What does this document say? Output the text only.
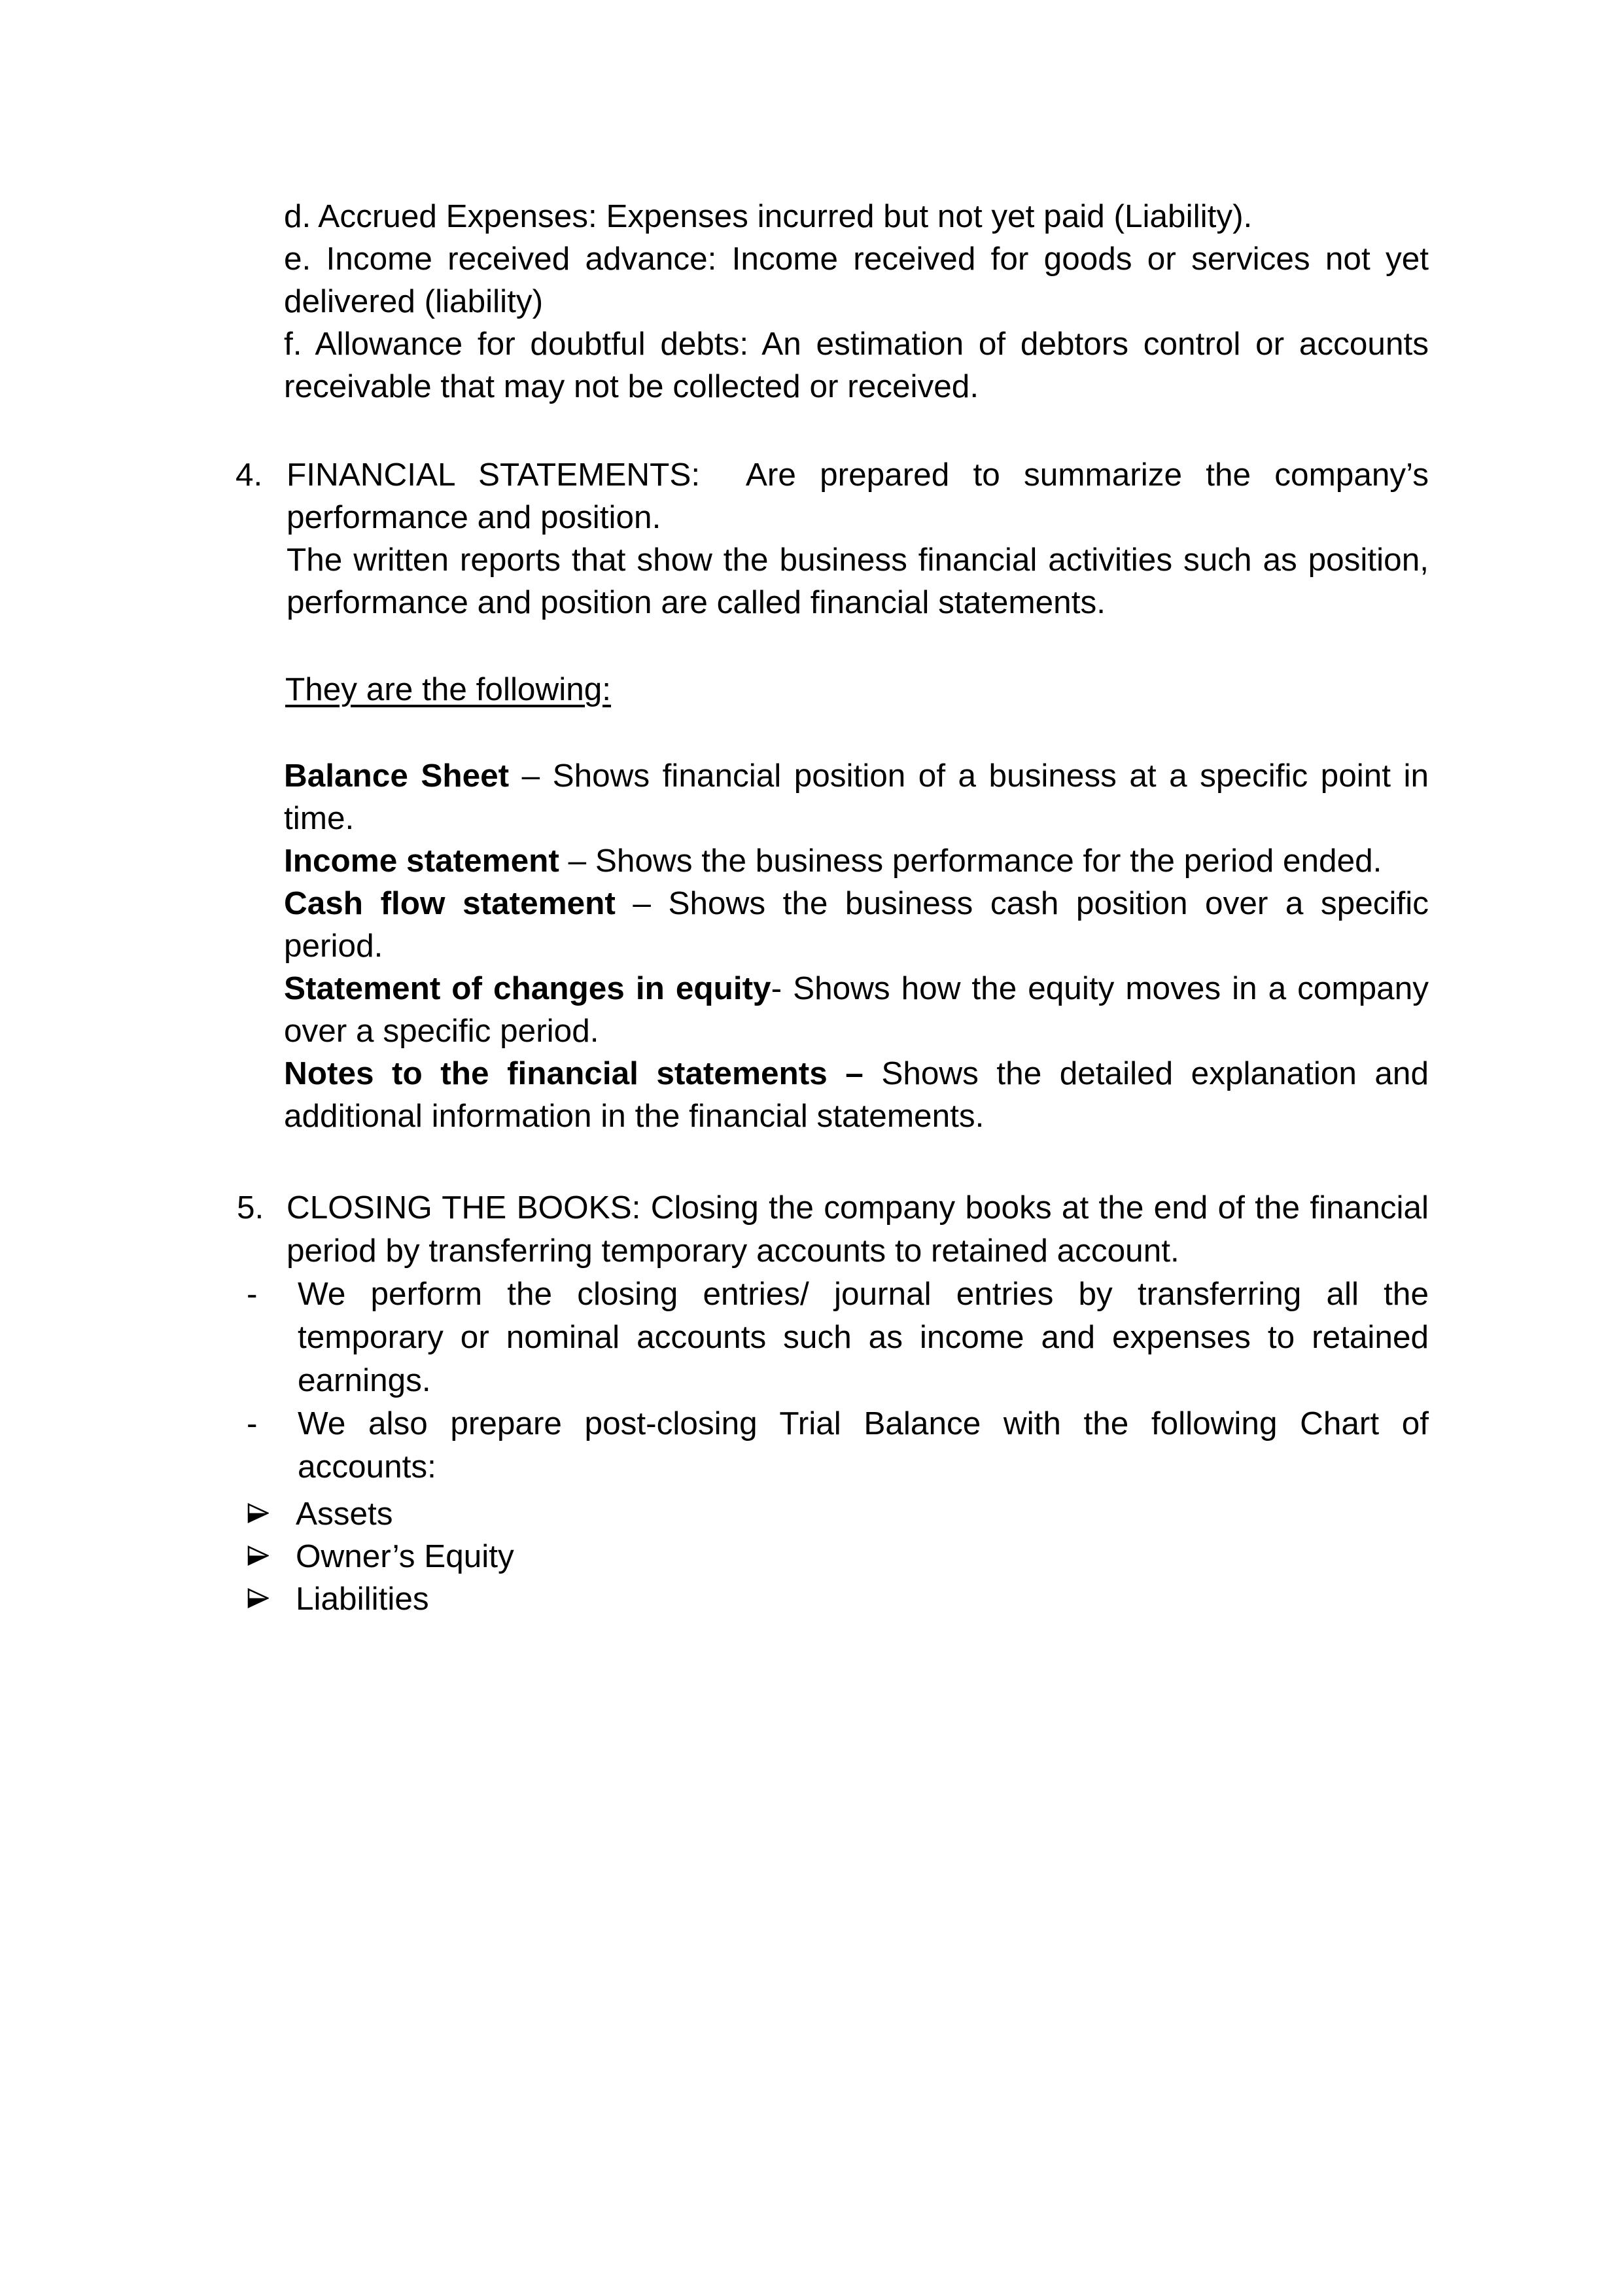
d. Accrued Expenses: Expenses incurred but not yet paid (Liability).
e. Income received advance: Income received for goods or services not yet
delivered (liability)
f. Allowance for doubtful debts: An estimation of debtors control or accounts
receivable that may not be collected or received.
4. FINANCIAL STATEMENTS:  Are prepared to summarize the company’s
performance and position.
The written reports that show the business financial activities such as position,
performance and position are called financial statements.
They are the following:
Balance Sheet – Shows financial position of a business at a specific point in
time.
Income statement – Shows the business performance for the period ended.
Cash flow statement – Shows the business cash position over a specific
period.
Statement of changes in equity- Shows how the equity moves in a company
over a specific period.
Notes to the financial statements – Shows the detailed explanation and
additional information in the financial statements.
5. CLOSING THE BOOKS: Closing the company books at the end of the financial
period by transferring temporary accounts to retained account.
- We perform the closing entries/ journal entries by transferring all the
temporary or nominal accounts such as income and expenses to retained
earnings.
- We also prepare post-closing Trial Balance with the following Chart of
accounts:
Assets
Owner’s Equity
Liabilities
